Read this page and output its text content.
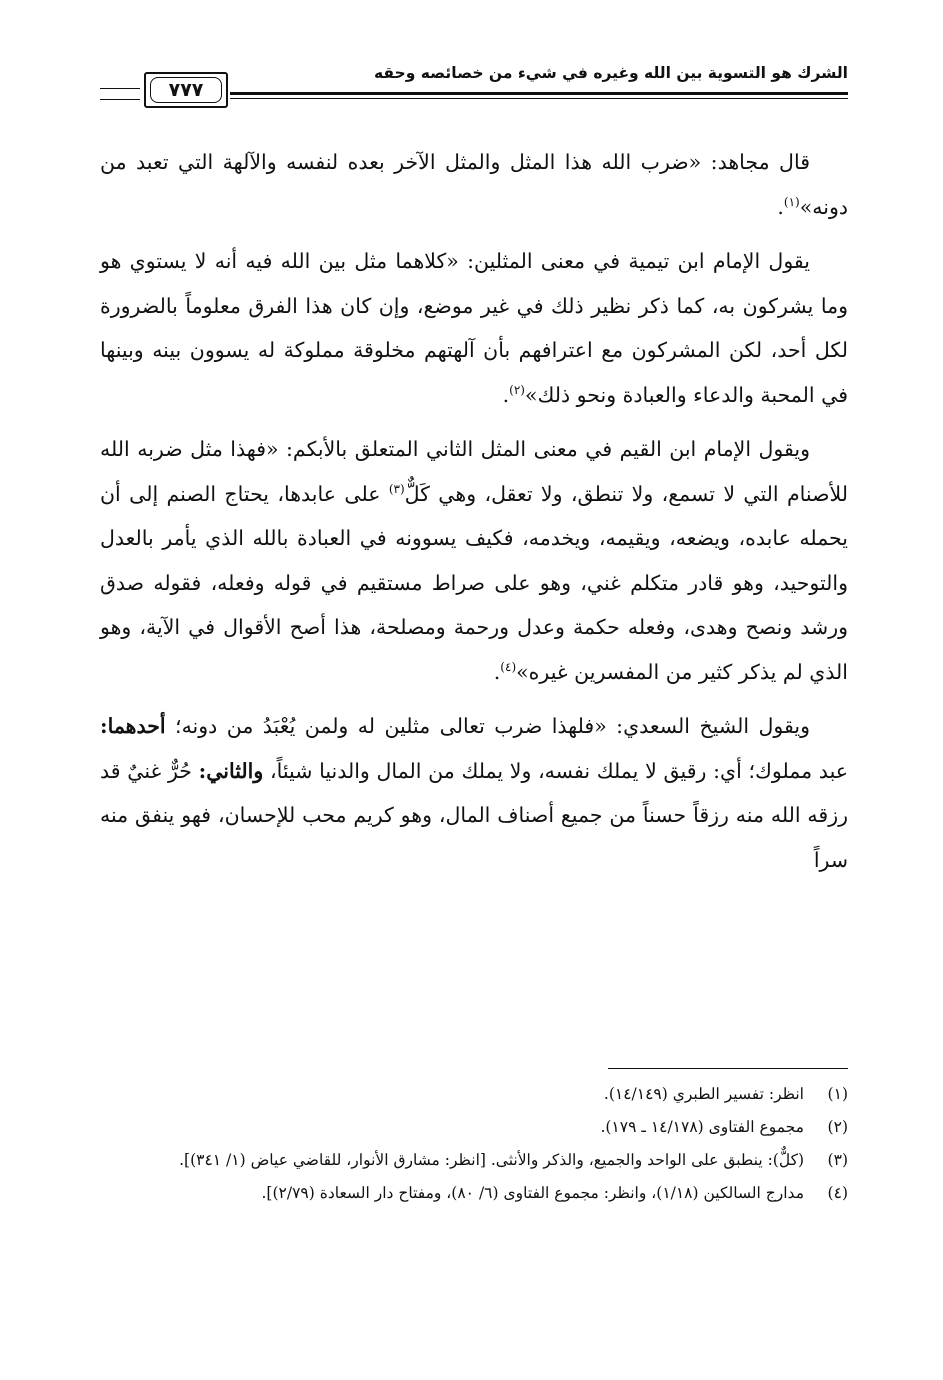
الشرك هو التسوية بين الله وغيره في شيء من خصائصه وحقه
٧٧٧

قال مجاهد: «ضرب الله هذا المثل والمثل الآخر بعده لنفسه والآلهة التي تعبد من دونه»$^{(١)}$.

يقول الإمام ابن تيمية في معنى المثلين: «كلاهما مثل بين الله فيه أنه لا يستوي هو وما يشركون به، كما ذكر نظير ذلك في غير موضع، وإن كان هذا الفرق معلوماً بالضرورة لكل أحد، لكن المشركون مع اعترافهم بأن آلهتهم مخلوقة مملوكة له يسوون بينه وبينها في المحبة والدعاء والعبادة ونحو ذلك»$^{(٢)}$.

ويقول الإمام ابن القيم في معنى المثل الثاني المتعلق بالأبكم: «فهذا مثل ضربه الله للأصنام التي لا تسمع، ولا تنطق، ولا تعقل، وهي كَلٌّ$^{(٣)}$ على عابدها، يحتاج الصنم إلى أن يحمله عابده، ويضعه، ويقيمه، ويخدمه، فكيف يسوونه في العبادة بالله الذي يأمر بالعدل والتوحيد، وهو قادر متكلم غني، وهو على صراط مستقيم في قوله وفعله، فقوله صدق ورشد ونصح وهدى، وفعله حكمة وعدل ورحمة ومصلحة، هذا أصح الأقوال في الآية، وهو الذي لم يذكر كثير من المفسرين غيره»$^{(٤)}$.

ويقول الشيخ السعدي: «فلهذا ضرب تعالى مثلين له ولمن يُعْبَدُ من دونه؛ أحدهما: عبد مملوك؛ أي: رقيق لا يملك نفسه، ولا يملك من المال والدنيا شيئاً، والثاني: حُرٌّ غنيٌ قد رزقه الله منه رزقاً حسناً من جميع أصناف المال، وهو كريم محب للإحسان، فهو ينفق منه سراً

(١)
انظر: تفسير الطبري (١٤/١٤٩).
(٢)
مجموع الفتاوى (١٤/١٧٨ ـ ١٧٩).
(٣)
(كلٌّ): ينطبق على الواحد والجميع، والذكر والأنثى. [انظر: مشارق الأنوار، للقاضي عياض (١/ ٣٤١)].
(٤)
مدارج السالكين (١/١٨)، وانظر: مجموع الفتاوى (٦/ ٨٠)، ومفتاح دار السعادة (٢/٧٩)].
